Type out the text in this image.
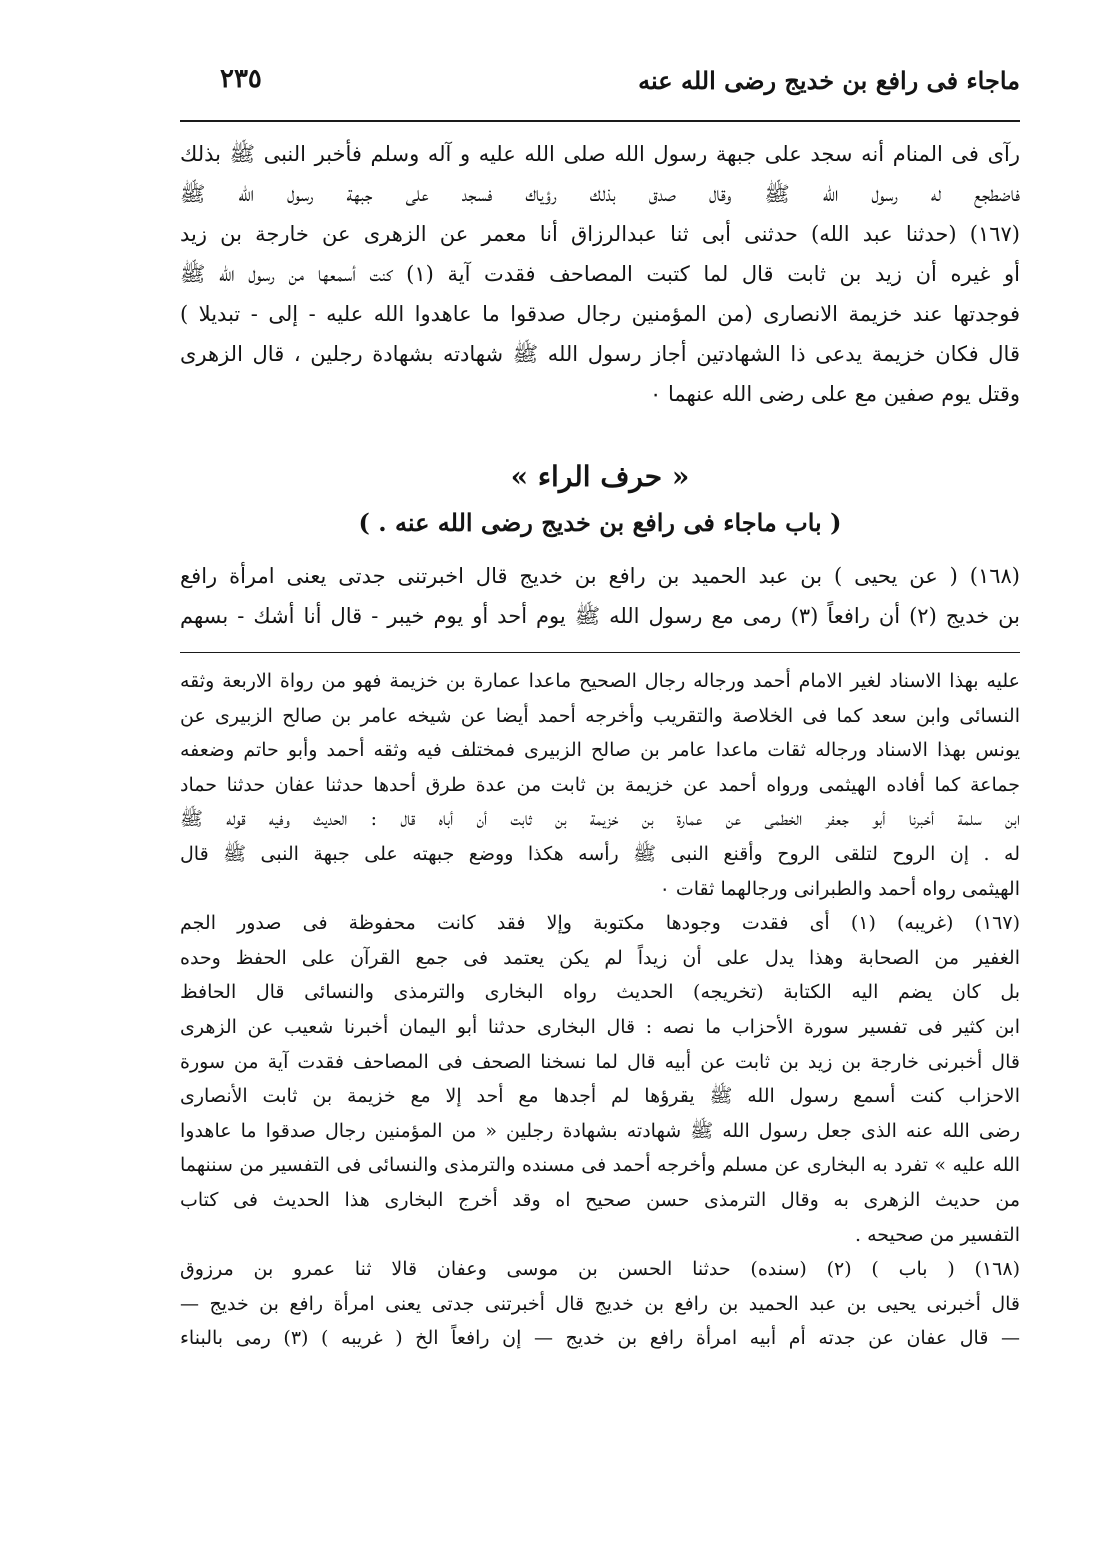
ماجاء فى رافع بن خديج رضى الله عنه
٢٣٥
رآى فى المنام أنه سجد على جبهة رسول الله صلى الله عليه و آله وسلم فأخبر النبى ﷺ بذلك
فاضطجع له رسول الله ﷺ وقال صدق بذلك رؤياك فسجد على جبهة رسول الله ﷺ
(١٦٧) (حدثنا عبد الله) حدثنى أبى ثنا عبدالرزاق أنا معمر عن الزهرى عن خارجة بن زيد
أو غيره أن زيد بن ثابت قال لما كتبت المصاحف فقدت آية (١) كنت أسمعها من رسول الله ﷺ
فوجدتها عند خزيمة الانصارى (من المؤمنين رجال صدقوا ما عاهدوا الله عليه - إلى - تبديلا )
قال فكان خزيمة يدعى ذا الشهادتين أجاز رسول الله ﷺ شهادته بشهادة رجلين ، قال الزهرى
وقتل يوم صفين مع على رضى الله عنهما ٠
« حرف الراء »
( باب ماجاء فى رافع بن خديج رضى الله عنه . )
(١٦٨) ( عن يحيى ) بن عبد الحميد بن رافع بن خديج قال اخبرتنى جدتى يعنى امرأة رافع
بن خديج (٢) أن رافعاً (٣) رمى مع رسول الله ﷺ يوم أحد أو يوم خيبر - قال أنا أشك - بسهم
عليه بهذا الاسناد لغير الامام أحمد ورجاله رجال الصحيح ماعدا عمارة بن خزيمة فهو من رواة الاربعة وثقه
النسائى وابن سعد كما فى الخلاصة والتقريب وأخرجه أحمد أيضا عن شيخه عامر بن صالح الزبيرى عن
يونس بهذا الاسناد ورجاله ثقات ماعدا عامر بن صالح الزبيرى فمختلف فيه وثقه أحمد وأبو حاتم وضعفه
جماعة كما أفاده الهيثمى ورواه أحمد عن خزيمة بن ثابت من عدة طرق أحدها حدثنا عفان حدثنا حماد
ابن سلمة أخبرنا أبو جعفر الخطمى عن عمارة بن خزيمة بن ثابت أن أباه قال : الحديث وفيه قوله ﷺ
له . إن الروح لتلقى الروح وأقنع النبى ﷺ رأسه هكذا ووضع جبهته على جبهة النبى ﷺ قال
الهيثمى رواه أحمد والطبرانى ورجالهما ثقات ٠
(١٦٧) (غريبه) (١) أى فقدت وجودها مكتوبة وإلا فقد كانت محفوظة فى صدور الجم
الغفير من الصحابة وهذا يدل على أن زيداً لم يكن يعتمد فى جمع القرآن على الحفظ وحده
بل كان يضم اليه الكتابة (تخريجه) الحديث رواه البخارى والترمذى والنسائى قال الحافظ
ابن كثير فى تفسير سورة الأحزاب ما نصه : قال البخارى حدثنا أبو اليمان أخبرنا شعيب عن الزهرى
قال أخبرنى خارجة بن زيد بن ثابت عن أبيه قال لما نسخنا الصحف فى المصاحف فقدت آية من سورة
الاحزاب كنت أسمع رسول الله ﷺ يقرؤها لم أجدها مع أحد إلا مع خزيمة بن ثابت الأنصارى
رضى الله عنه الذى جعل رسول الله ﷺ شهادته بشهادة رجلين « من المؤمنين رجال صدقوا ما عاهدوا
الله عليه » تفرد به البخارى عن مسلم وأخرجه أحمد فى مسنده والترمذى والنسائى فى التفسير من سننهما
من حديث الزهرى به وقال الترمذى حسن صحيح اه وقد أخرج البخارى هذا الحديث فى كتاب
التفسير من صحيحه .
(١٦٨) ( باب ) (٢) (سنده) حدثنا الحسن بن موسى وعفان قالا ثنا عمرو بن مرزوق
قال أخبرنى يحيى بن عبد الحميد بن رافع بن خديج قال أخبرتنى جدتى يعنى امرأة رافع بن خديج —
— قال عفان عن جدته أم أبيه امرأة رافع بن خديج — إن رافعاً الخ ( غريبه ) (٣) رمى بالبناء
